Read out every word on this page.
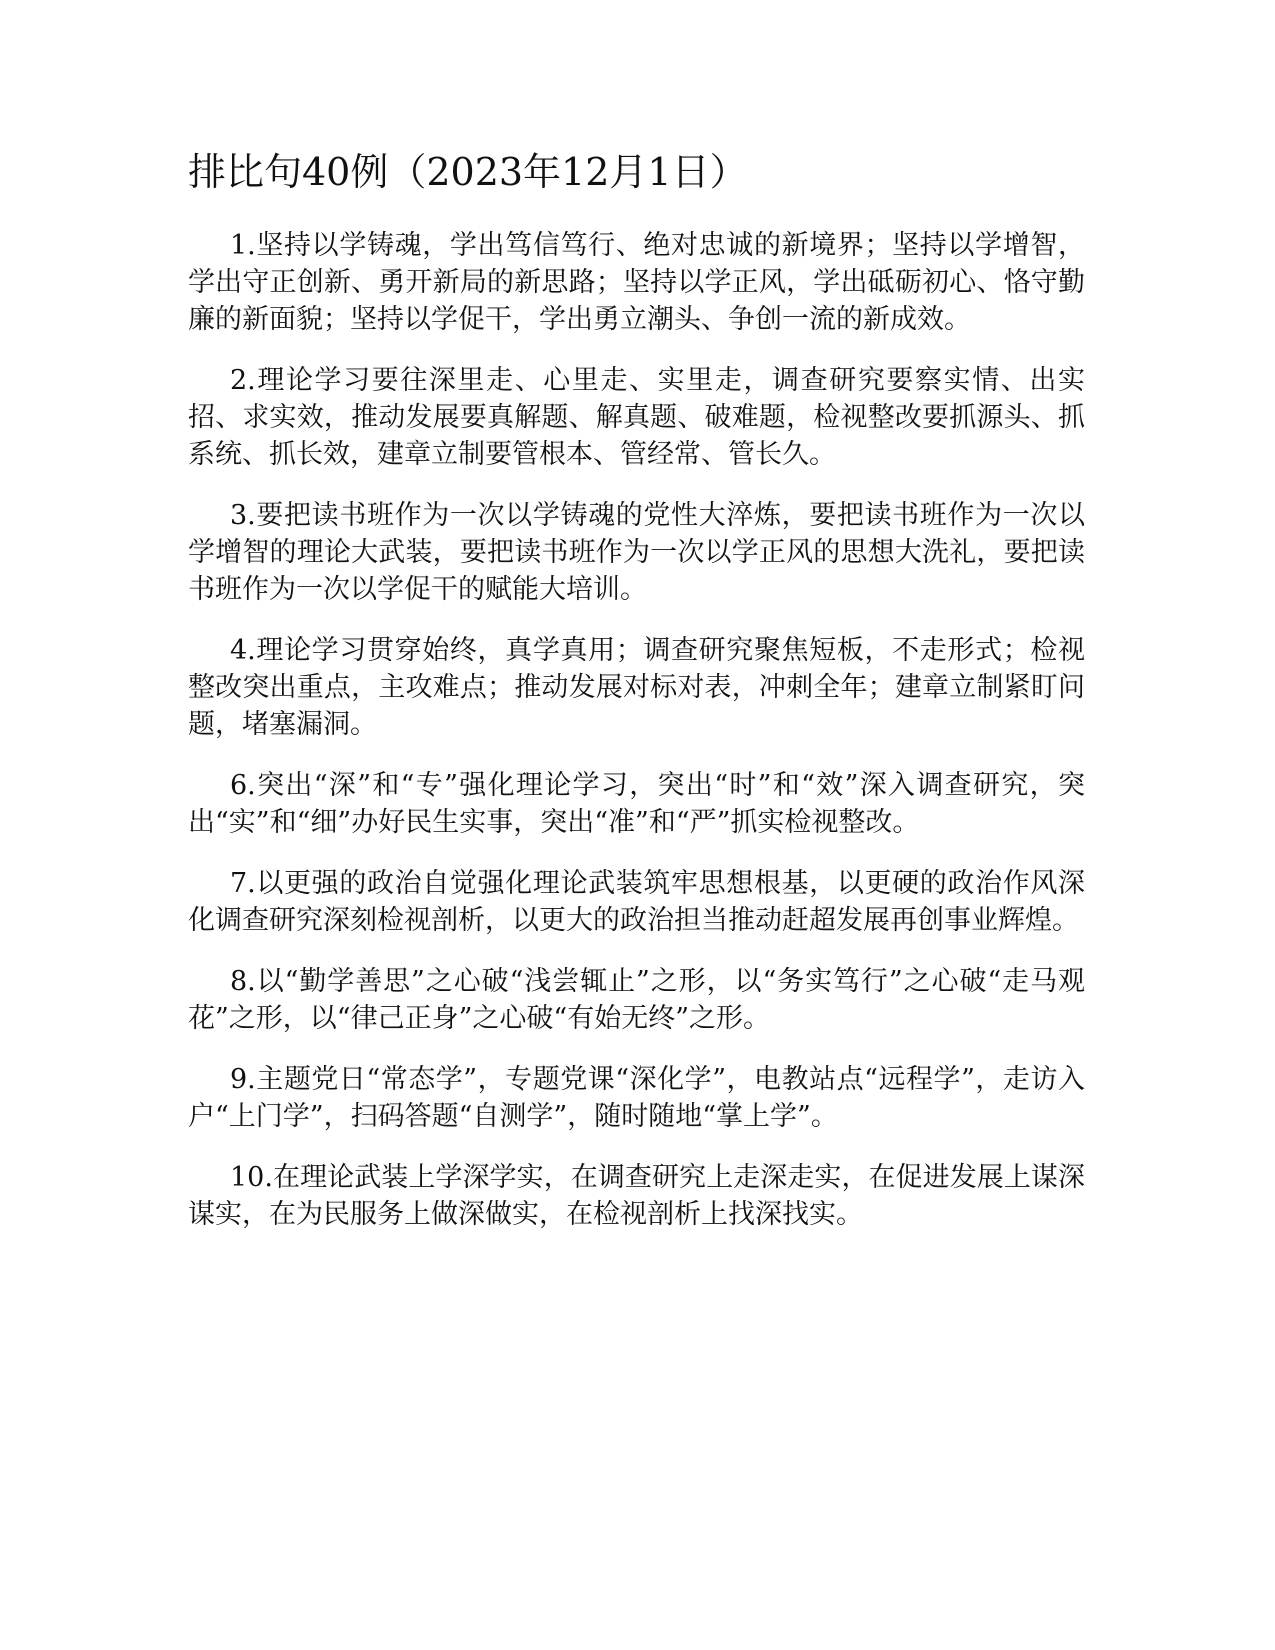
排比句40例（2023年12月1日）

1.坚持以学铸魂，学出笃信笃行、绝对忠诚的新境界；坚持以学增智，学出守正创新、勇开新局的新思路；坚持以学正风，学出砥砺初心、恪守勤廉的新面貌；坚持以学促干，学出勇立潮头、争创一流的新成效。

2.理论学习要往深里走、心里走、实里走，调查研究要察实情、出实招、求实效，推动发展要真解题、解真题、破难题，检视整改要抓源头、抓系统、抓长效，建章立制要管根本、管经常、管长久。

3.要把读书班作为一次以学铸魂的党性大淬炼，要把读书班作为一次以学增智的理论大武装，要把读书班作为一次以学正风的思想大洗礼，要把读书班作为一次以学促干的赋能大培训。

4.理论学习贯穿始终，真学真用；调查研究聚焦短板，不走形式；检视整改突出重点，主攻难点；推动发展对标对表，冲刺全年；建章立制紧盯问题，堵塞漏洞。

6.突出“深”和“专”强化理论学习，突出“时”和“效”深入调查研究，突出“实”和“细”办好民生实事，突出“准”和“严”抓实检视整改。

7.以更强的政治自觉强化理论武装筑牢思想根基，以更硬的政治作风深化调查研究深刻检视剖析，以更大的政治担当推动赶超发展再创事业辉煌。

8.以“勤学善思”之心破“浅尝辄止”之形，以“务实笃行”之心破“走马观花”之形，以“律己正身”之心破“有始无终”之形。

9.主题党日“常态学”，专题党课“深化学”，电教站点“远程学”，走访入户“上门学”，扫码答题“自测学”，随时随地“掌上学”。

10.在理论武装上学深学实，在调查研究上走深走实，在促进发展上谋深谋实，在为民服务上做深做实，在检视剖析上找深找实。
